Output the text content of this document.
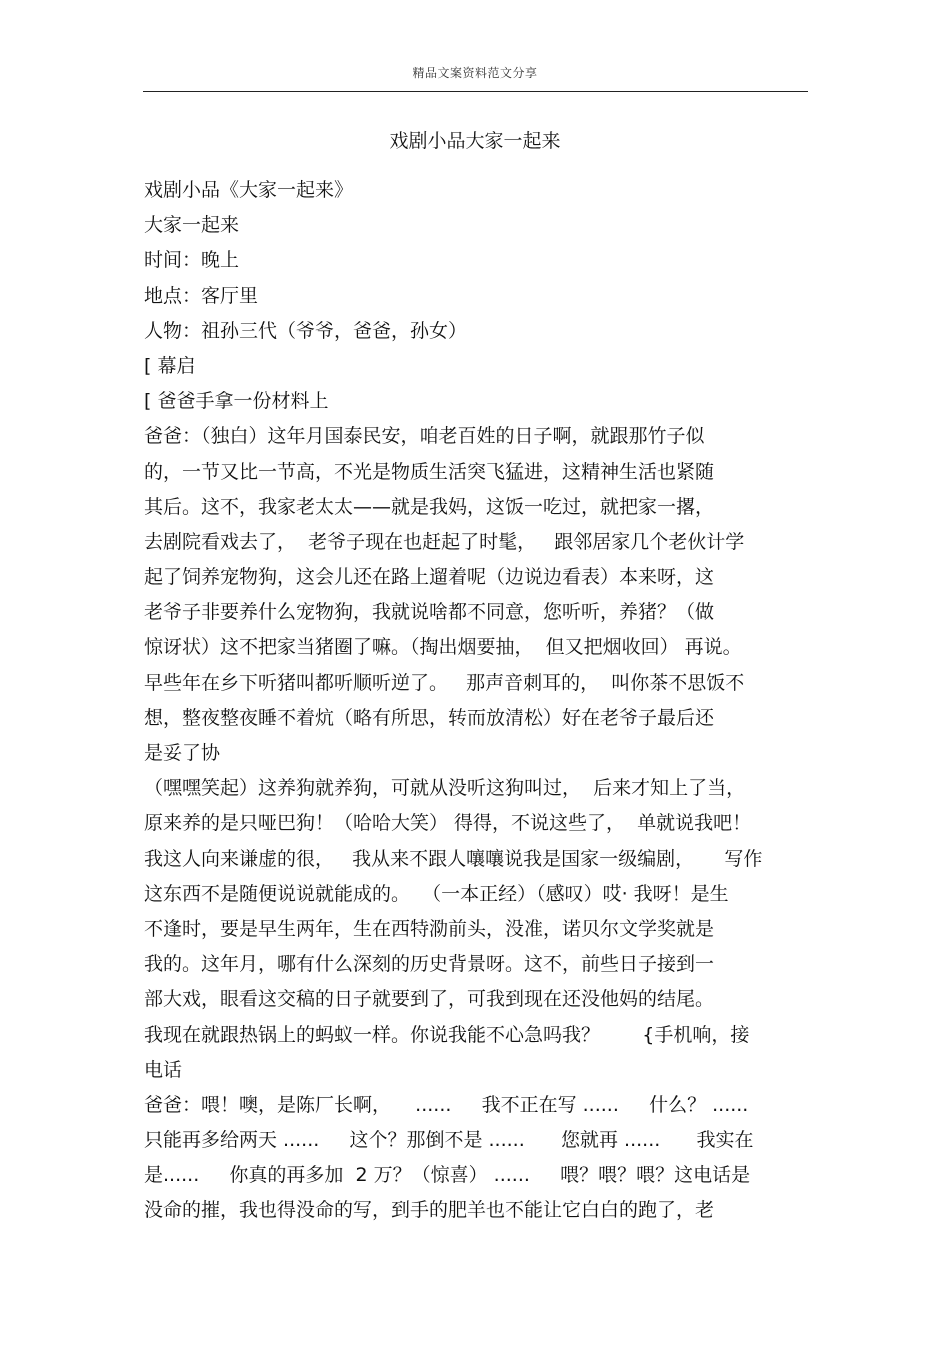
精品文案资料范文分享
戏剧小品大家一起来
戏剧小品《大家一起来》
大家一起来
时间：晚上
地点：客厅里
人物：祖孙三代（爷爷，爸爸，孙女）
[ 幕启
[ 爸爸手拿一份材料上
爸爸：（独白）这年月国泰民安，咱老百姓的日子啊，就跟那竹子似
的，一节又比一节高，不光是物质生活突飞猛进，这精神生活也紧随
其后。这不，我家老太太——就是我妈，这饭一吃过，就把家一撂，
去剧院看戏去了，  老爷子现在也赶起了时髦，   跟邻居家几个老伙计学
起了饲养宠物狗，这会儿还在路上遛着呢（边说边看表）本来呀，这
老爷子非要养什么宠物狗，我就说啥都不同意，您听听，养猪？（做
惊讶状）这不把家当猪圈了嘛。（掏出烟要抽，  但又把烟收回） 再说。
早些年在乡下听猪叫都听顺听逆了。   那声音刺耳的，  叫你茶不思饭不
想，整夜整夜睡不着炕（略有所思，转而放清松）好在老爷子最后还
是妥了协
（嘿嘿笑起）这养狗就养狗，可就从没听这狗叫过，  后来才知上了当，
原来养的是只哑巴狗！（哈哈大笑） 得得，不说这些了，  单就说我吧！
我这人向来谦虚的很，   我从来不跟人嚷嚷说我是国家一级编剧，     写作
这东西不是随便说说就能成的。  （一本正经）（感叹）哎· 我呀！是生
不逢时，要是早生两年，生在西特泐前头，没准，诺贝尔文学奖就是
我的。这年月，哪有什么深刻的历史背景呀。这不，前些日子接到一
部大戏，眼看这交稿的日子就要到了，可我到现在还没他妈的结尾。
我现在就跟热锅上的蚂蚁一样。你说我能不心急吗我？       {手机响，接
电话
爸爸：喂！噢，是陈厂长啊，    ......     我不正在写 ......     什么？ ......
只能再多给两天 ......     这个？那倒不是 ......      您就再 ......      我实在
是......     你真的再多加  2 万？（惊喜） ......     喂？喂？喂？这电话是
没命的摧，我也得没命的写，到手的肥羊也不能让它白白的跑了，老
